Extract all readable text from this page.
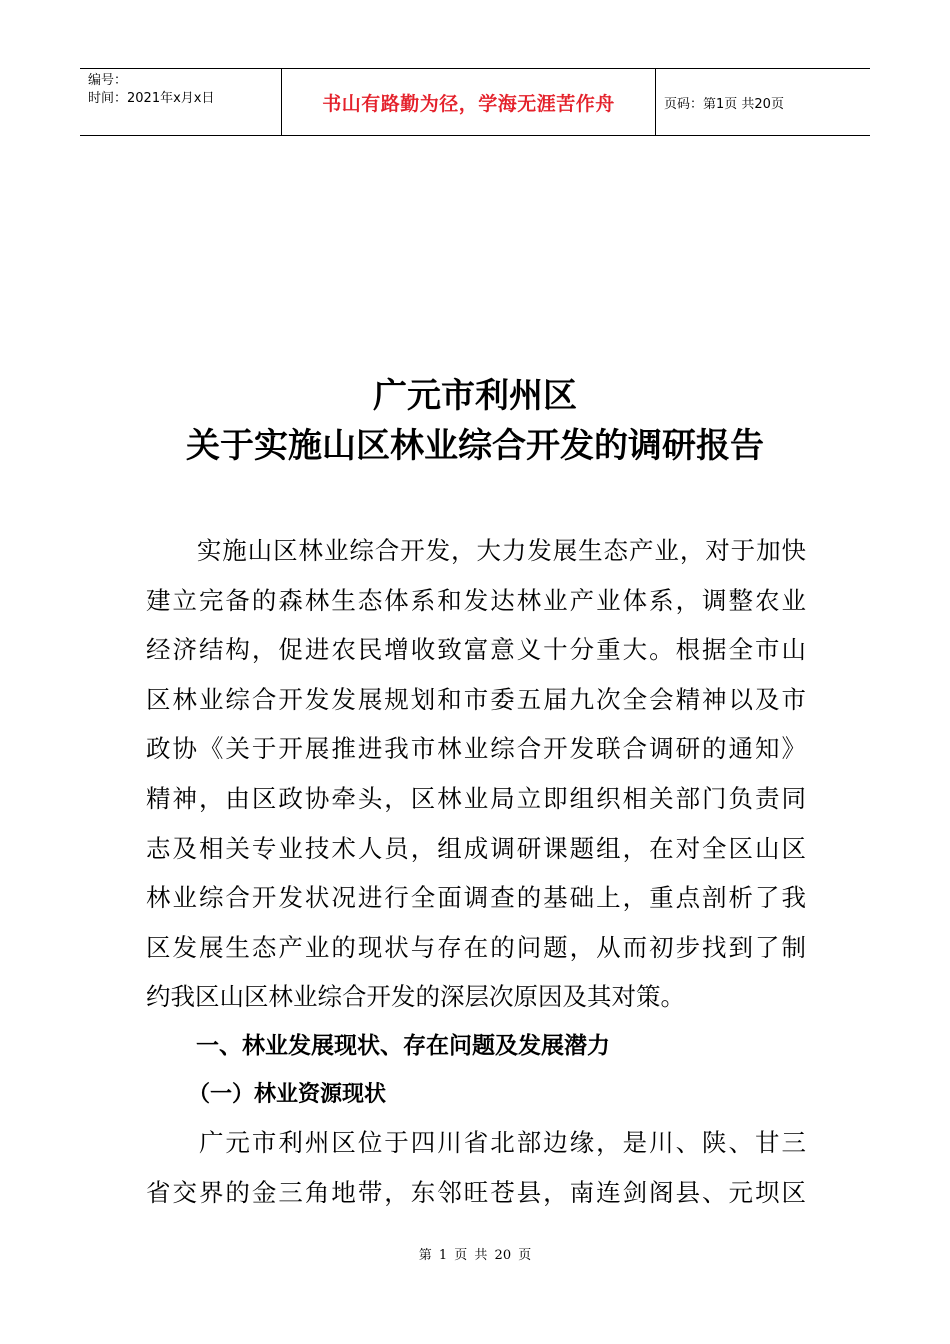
编号：
时间：2021年x月x日	书山有路勤为径，学海无涯苦作舟	页码：第1页 共20页
广元市利州区
关于实施山区林业综合开发的调研报告
　　实施山区林业综合开发，大力发展生态产业，对于加快
建立完备的森林生态体系和发达林业产业体系，调整农业
经济结构，促进农民增收致富意义十分重大。根据全市山
区林业综合开发发展规划和市委五届九次全会精神以及市
政协《关于开展推进我市林业综合开发联合调研的通知》
精神，由区政协牵头，区林业局立即组织相关部门负责同
志及相关专业技术人员，组成调研课题组，在对全区山区
林业综合开发状况进行全面调查的基础上，重点剖析了我
区发展生态产业的现状与存在的问题，从而初步找到了制
约我区山区林业综合开发的深层次原因及其对策。
一、林业发展现状、存在问题及发展潜力
（一）林业资源现状
　　广元市利州区位于四川省北部边缘，是川、陕、甘三
省交界的金三角地带，东邻旺苍县，南连剑阁县、元坝区
第 1 页 共 20 页
